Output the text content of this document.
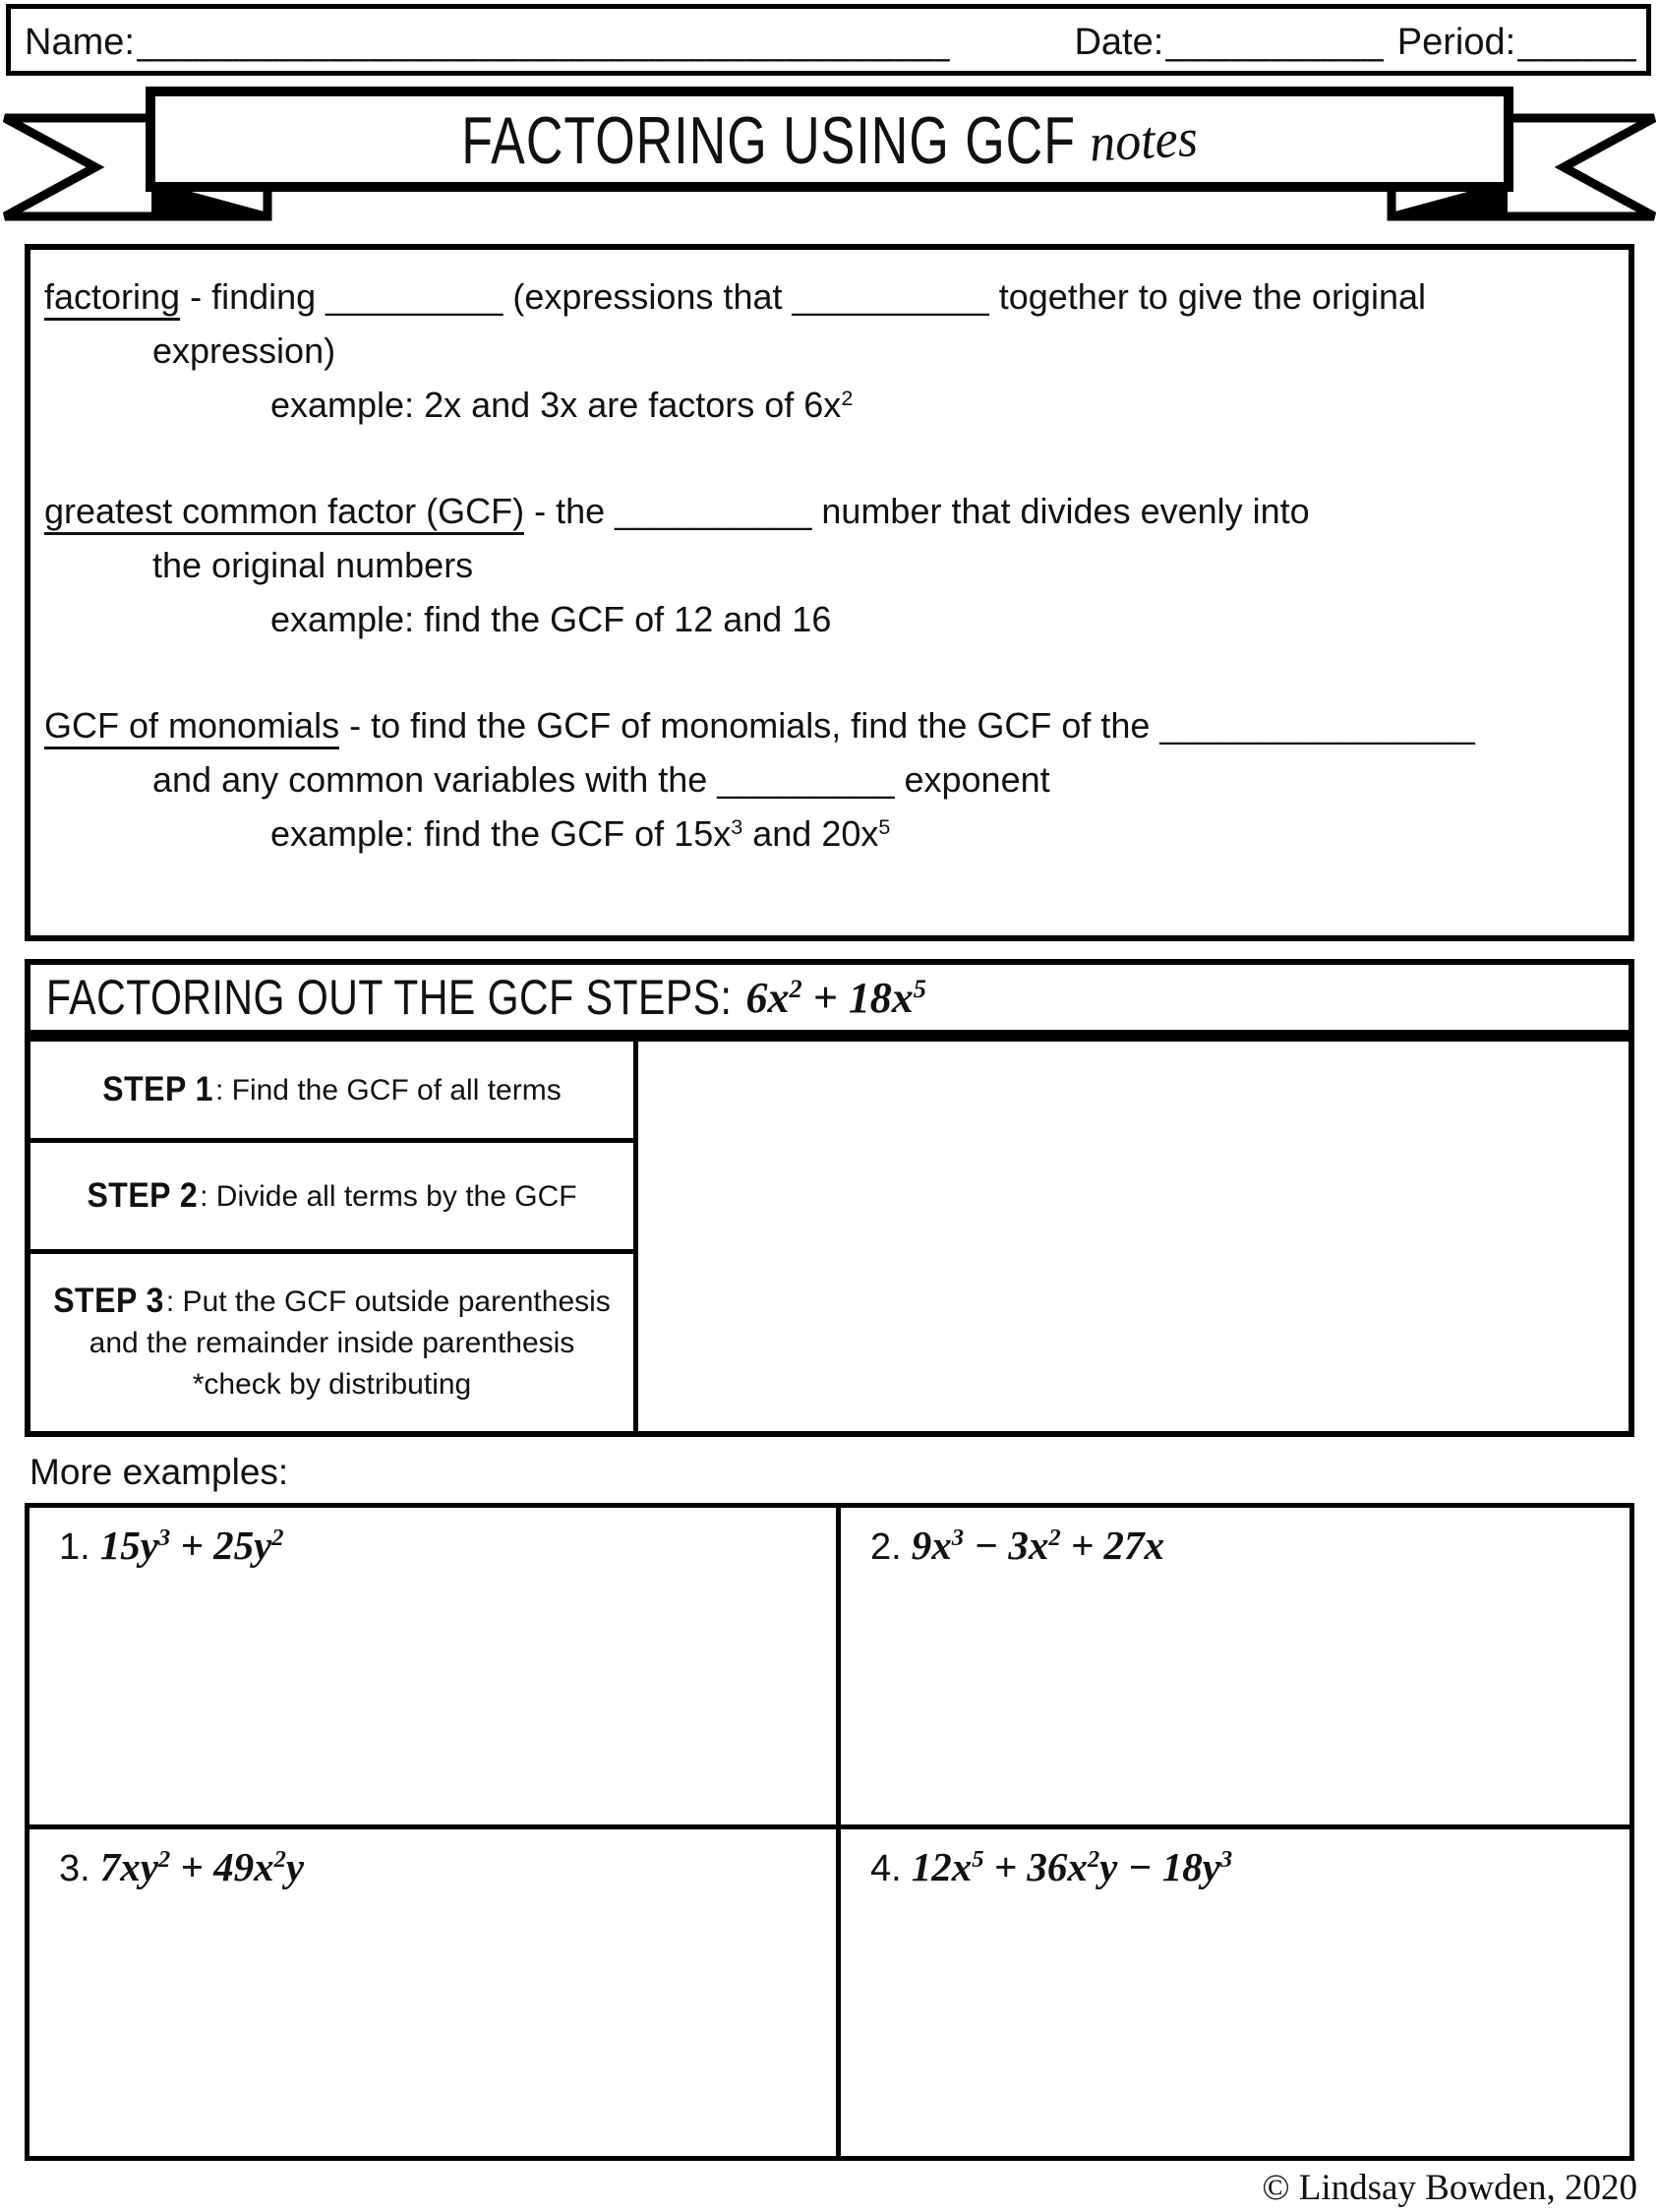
Name: _________________________________________	Date: ___________ Period: ______
FACTORING USING GCF notes
factoring - finding _________ (expressions that __________ together to give the original
expression)
example: 2x and 3x are factors of $6x^2$
greatest common factor (GCF) - the __________ number that divides evenly into
the original numbers
example: find the GCF of 12 and 16
GCF of monomials - to find the GCF of monomials, find the GCF of the ________________
and any common variables with the _________ exponent
example: find the GCF of $15x^3$ and $20x^5$
FACTORING OUT THE GCF STEPS: $6x^2 + 18x^5$
STEP 1: Find the GCF of all terms
STEP 2: Divide all terms by the GCF
STEP 3: Put the GCF outside parenthesis and the remainder inside parenthesis *check by distributing
More examples:
1. $15y^3 + 25y^2$	2. $9x^3 - 3x^2 + 27x$
3. $7xy^2 + 49x^2y$	4. $12x^5 + 36x^2y - 18y^3$
© Lindsay Bowden, 2020
